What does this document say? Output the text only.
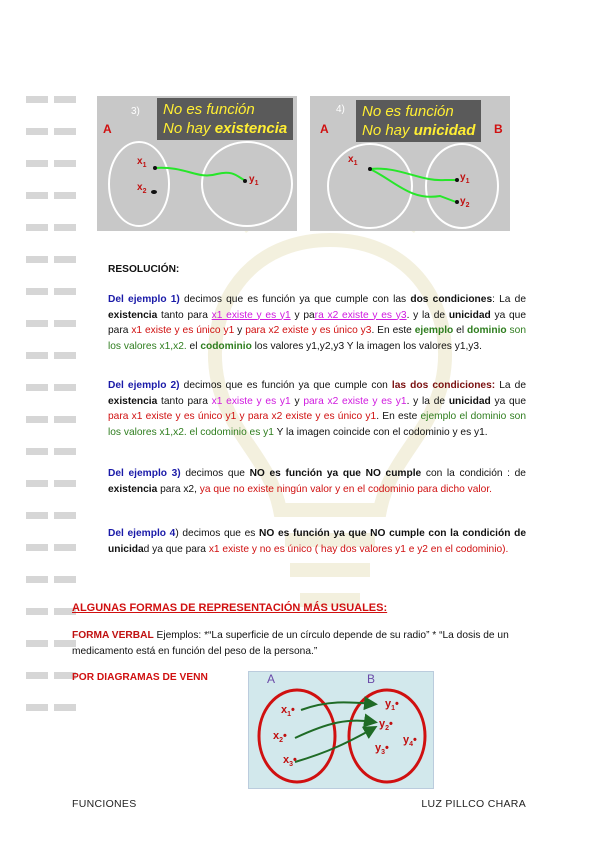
No es función
No hay existencia
3)
A
$x_1$
$x_2$
$y_1$
No es función
No hay unicidad
4)
A	B
$x_1$
$y_1$
$y_2$
RESOLUCIÓN:
Del ejemplo 1) decimos que es función ya que cumple con las dos condiciones: La de existencia tanto para x1 existe y es y1 y para x2 existe y es y3. y la de unicidad ya que para x1 existe y es único y1 y para x2 existe y es único y3. En este ejemplo el dominio son los valores x1,x2. el codominio los valores y1,y2,y3 Y la imagen los valores y1,y3.
Del ejemplo 2) decimos que es función ya que cumple con las dos condiciones: La de existencia tanto para x1 existe y es y1 y para x2 existe y es y1. y la de unicidad ya que para x1 existe y es único y1 y para x2 existe y es único y1. En este ejemplo el dominio son los valores x1,x2. el codominio es y1 Y la imagen coincide con el codominio y es y1.
Del ejemplo 3) decimos que NO es función ya que NO cumple con la condición : de existencia para x2, ya que no existe ningún valor y en el codominio para dicho valor.
Del ejemplo 4) decimos que es NO es función ya que NO cumple con la condición de unicidad ya que para x1 existe y no es único ( hay dos valores y1 e y2 en el codominio).
ALGUNAS FORMAS DE REPRESENTACIÓN MÁS USUALES:
FORMA VERBAL Ejemplos: *“La superficie de un círculo depende de su radio” * “La dosis de un medicamento está en función del peso de la persona.”
POR DIAGRAMAS DE VENN	A	B
$x_1•$
$x_2•$
$x_3•$
$y_1•$
$y_2•$
$y_3•$
$y_4•$
FUNCIONES	LUZ PILLCO CHARA
